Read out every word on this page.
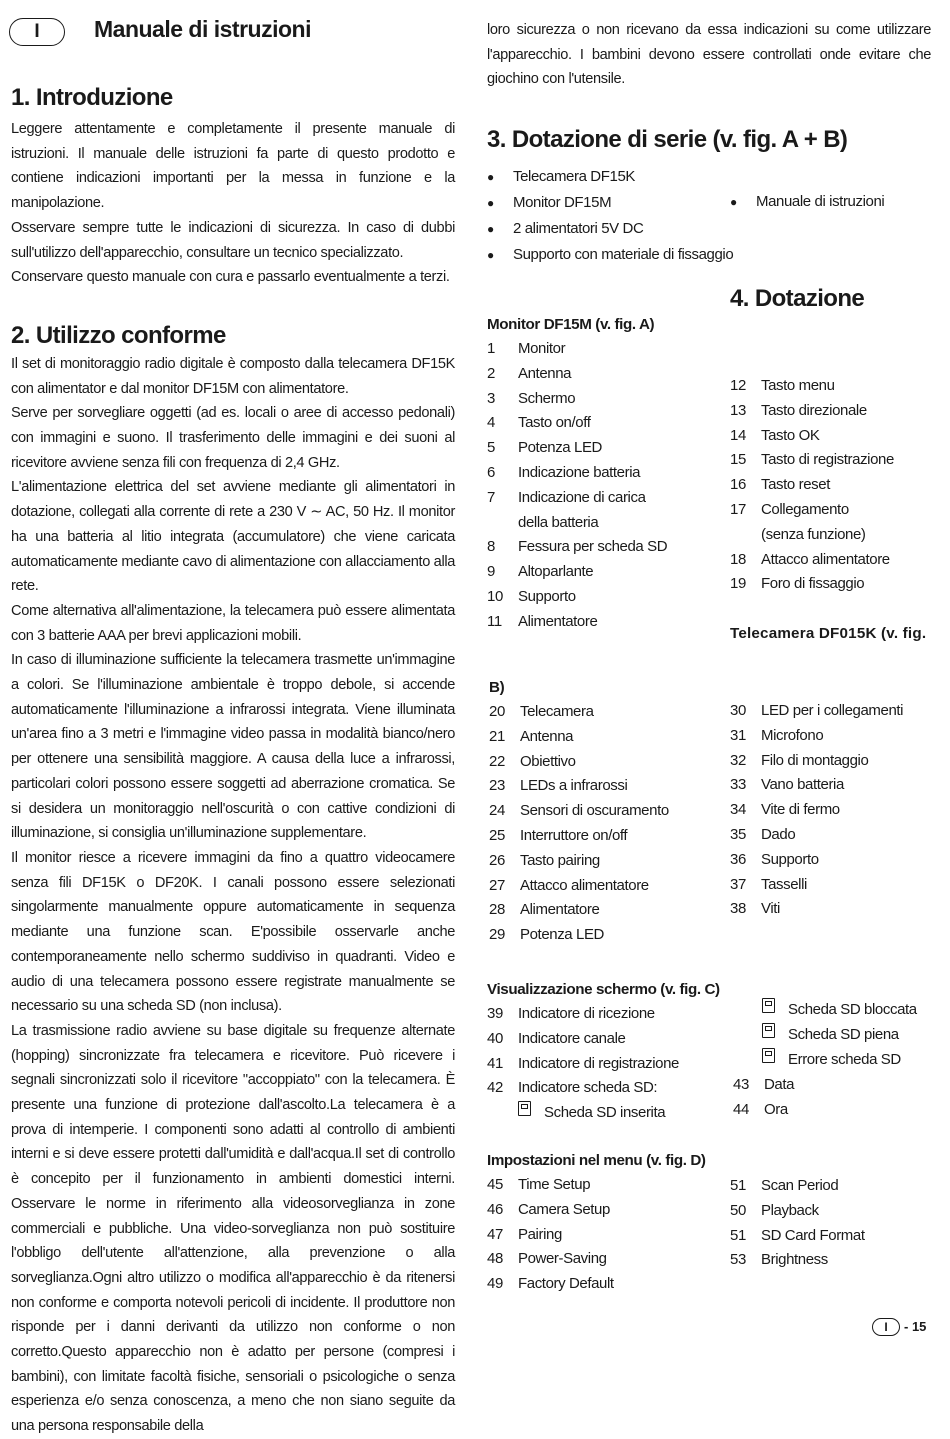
I	Manuale di istruzioni
1. Introduzione

Leggere attentamente e completamente il presente manuale di istruzioni. Il manuale delle istruzioni fa parte di questo prodotto e contiene indicazioni importanti per la messa in funzione e la manipolazione.

Osservare sempre tutte le indicazioni di sicurezza. In caso di dubbi sull'utilizzo dell'apparecchio, consultare un tecnico specializzato.

Conservare questo manuale con cura e passarlo eventualmente a terzi.

2. Utilizzo conforme

Il set di monitoraggio radio digitale è composto dalla telecamera DF15K con alimentator e dal monitor DF15M con alimentatore.

Serve per sorvegliare oggetti (ad es. locali o aree di accesso pedonali) con immagini e suono. Il trasferimento delle immagini e dei suoni al ricevitore avviene senza fili con frequenza di 2,4 GHz.

L'alimentazione elettrica del set avviene mediante gli alimentatori in dotazione, collegati alla corrente di rete a 230 V ∼ AC, 50 Hz. Il monitor ha una batteria al litio integrata (accumulatore) che viene caricata automaticamente mediante cavo di alimentazione con allacciamento alla rete.

Come alternativa all'alimentazione, la telecamera può essere alimentata con 3 batterie AAA per brevi applicazioni mobili.

In caso di illuminazione sufficiente la telecamera trasmette un'immagine a colori. Se l'illuminazione ambientale è troppo debole, si accende automaticamente l'illuminazione a infrarossi integrata. Viene illuminata un'area fino a 3 metri e l'immagine video passa in modalità bianco/nero per ottenere una sensibilità maggiore. A causa della luce a infrarossi, particolari colori possono essere soggetti ad aberrazione cromatica. Se si desidera un monitoraggio nell'oscurità o con cattive condizioni di illuminazione, si consiglia un'illuminazione supplementare.

Il monitor riesce a ricevere immagini da fino a quattro videocamere senza fili DF15K o DF20K. I canali possono essere selezionati singolarmente manualmente oppure automaticamente in sequenza mediante una funzione scan. E'possibile osservarle anche contemporaneamente nello schermo suddiviso in quadranti. Video e audio di una telecamera possono essere registrate manualmente se necessario su una scheda SD (non inclusa).

La trasmissione radio avviene su base digitale su frequenze alternate (hopping) sincronizzate fra telecamera e ricevitore. Può ricevere i segnali sincronizzati solo il ricevitore "accoppiato" con la telecamera. È presente una funzione di protezione dall'ascolto.La telecamera è a prova di intemperie. I componenti sono adatti al controllo di ambienti interni e si deve essere protetti dall'umidità e dall'acqua.Il set di controllo è concepito per il funzionamento in ambienti domestici interni. Osservare le norme in riferimento alla videosorveglianza in zone commerciali e pubbliche. Una video-sorveglianza non può sostituire l'obbligo dell'utente all'attenzione, alla prevenzione o alla sorveglianza.Ogni altro utilizzo o modifica all'apparecchio è da ritenersi non conforme e comporta notevoli pericoli di incidente. Il produttore non risponde per i danni derivanti da utilizzo non conforme o non corretto.Questo apparecchio non è adatto per persone (compresi i bambini), con limitate facoltà fisiche, sensoriali o psicologiche o senza esperienza e/o senza conoscenza, a meno che non siano seguite da una persona responsabile della

loro sicurezza o non ricevano da essa indicazioni su come utilizzare l'apparecchio. I bambini devono essere controllati onde evitare che giochino con l'utensile.

3. Dotazione di serie (v. fig. A + B)
● Telecamera DF15K
● Monitor DF15M
● 2 alimentatori 5V DC
● Supporto con materiale di fissaggio
● Manuale di istruzioni
4. Dotazione
Monitor DF15M (v. fig. A)
1	Monitor
2	Antenna
3	Schermo
4	Tasto on/off
5	Potenza LED
6	Indicazione batteria
7	Indicazione di carica della batteria
8	Fessura per scheda SD
9	Altoparlante
10	Supporto
11	Alimentatore
12	Tasto menu
13	Tasto direzionale
14	Tasto OK
15	Tasto di registrazione
16	Tasto reset
17	Collegamento (senza funzione)
18	Attacco alimentatore
19	Foro di fissaggio
Telecamera DF015K (v. fig.
B)
20	Telecamera
21	Antenna
22	Obiettivo
23	LEDs a infrarossi
24	Sensori di oscuramento
25	Interruttore on/off
26	Tasto pairing
27	Attacco alimentatore
28	Alimentatore
29	Potenza LED
30	LED per i collegamenti
31	Microfono
32	Filo di montaggio
33	Vano batteria
34	Vite di fermo
35	Dado
36	Supporto
37	Tasselli
38	Viti
Visualizzazione schermo (v. fig. C)
39	Indicatore di ricezione
40	Indicatore canale
41	Indicatore di registrazione
42	Indicatore scheda SD:
Scheda SD inserita
Scheda SD bloccata
Scheda SD piena
Errore scheda SD
43	Data
44	Ora
Impostazioni nel menu (v. fig. D)
45	Time Setup
46	Camera Setup
47	Pairing
48	Power-Saving
49	Factory Default
51	Scan Period
50	Playback
51	SD Card Format
53	Brightness
I	- 15
